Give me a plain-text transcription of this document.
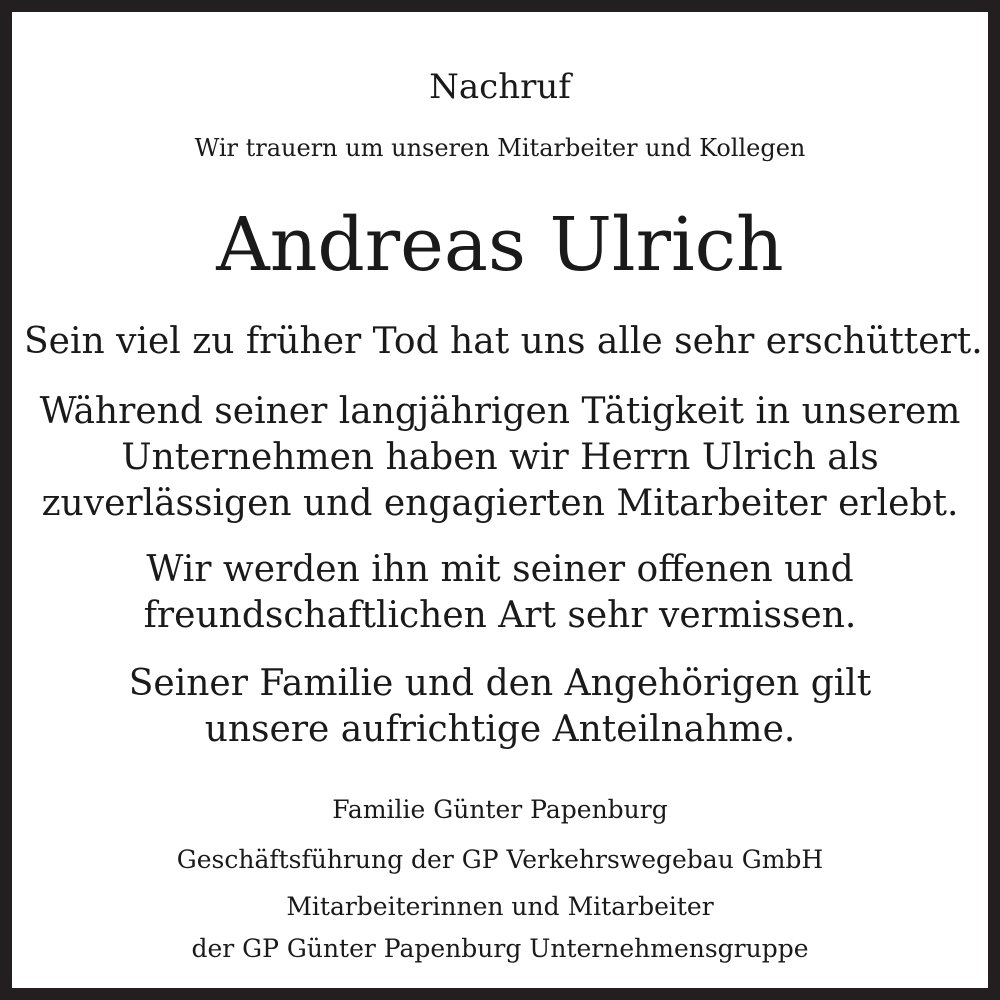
Nachruf
Wir trauern um unseren Mitarbeiter und Kollegen
Andreas Ulrich
Sein viel zu früher Tod hat uns alle sehr erschüttert.
Während seiner langjährigen Tätigkeit in unserem
Unternehmen haben wir Herrn Ulrich als
zuverlässigen und engagierten Mitarbeiter erlebt.
Wir werden ihn mit seiner offenen und
freundschaftlichen Art sehr vermissen.
Seiner Familie und den Angehörigen gilt
unsere aufrichtige Anteilnahme.
Familie Günter Papenburg
Geschäftsführung der GP Verkehrswegebau GmbH
Mitarbeiterinnen und Mitarbeiter
der GP Günter Papenburg Unternehmensgruppe
